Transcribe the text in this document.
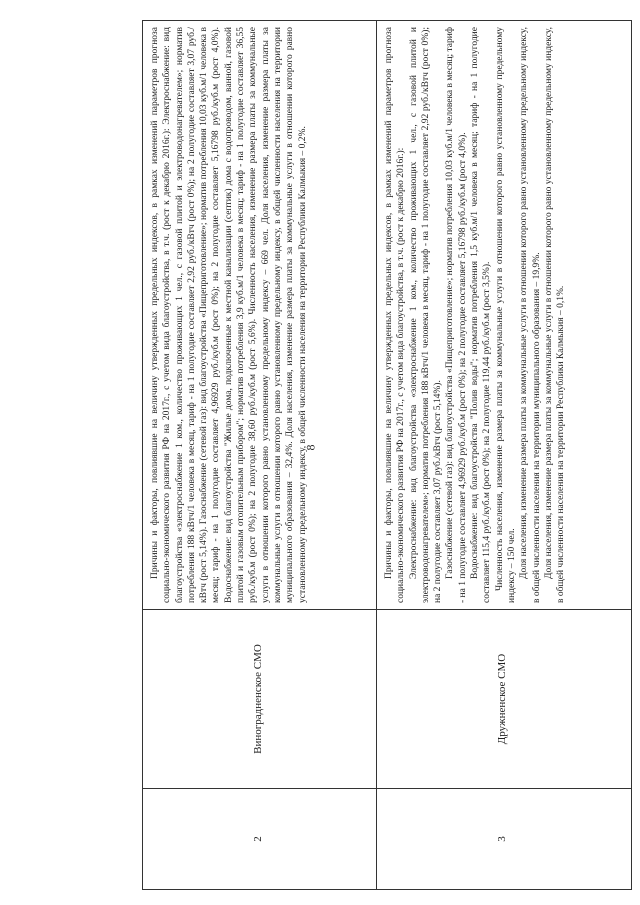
8
2
Виноградненское СМО

Причины и факторы, повлиявшие на величину утвержденных предельных индексов, в рамках изменений параметров прогноза социально-экономического развития РФ на 2017г., с учетом вида благоустройства, в т.ч. (рост к декабрю 2016г.): Электроснабжение: вид благоустройства «электроснабжение 1 ком., количество проживающих 1 чел., с газовой плитой и электроводонагревателем»; норматив потребления 188 кВтч/1 человека в месяц, тариф - на 1 полугодие составляет 2,92 руб./кВтч (рост 0%); на 2 полугодие составляет 3,07 руб./кВтч (рост 5,14%). Газоснабжение (сетевой газ): вид благоустройства «Пищеприготовление»; норматив потребления 10,03 куб.м/1 человека в месяц; тариф - на 1 полугодие составляет 4,96929 руб./куб.м (рост 0%); на 2 полугодие составляет 5,16798 руб./куб.м (рост 4,0%). Водоснабжение: вид благоустройства "Жилые дома, подключенные к местной канализации (септик) дома с водопроводом, ванной, газовой плитой и газовым отопительным прибором"; норматив потребления 3,9 куб.м/1 человека в месяц; тариф - на 1 полугодие составляет 36,55 руб./куб.м (рост 0%); на 2 полугодие 38,60 руб./куб.м (рост 5,6%). Численность населения, изменение размера платы за коммунальные услуги в отношении которого равно установленному предельному индексу – 669 чел. Доля населения, изменение размера платы за коммунальные услуги в отношении которого равно установленному предельному индексу, в общей численности населения на территории муниципального образования – 32,4%. Доля населения, изменение размера платы за коммунальные услуги в отношении которого равно установленному предельному индексу, в общей численности населения на территории Республики Калмыкия – 0,2%.

3
Дружненское СМО

Причины и факторы, повлиявшие на величину утвержденных предельных индексов, в рамках изменений параметров прогноза социально-экономического развития РФ на 2017г., с учетом вида благоустройства, в т.ч. (рост к декабрю 2016г.): Электроснабжение: вид благоустройства «электроснабжение 1 ком., количество проживающих 1 чел., с газовой плитой и электроводонагревателем»; норматив потребления 188 кВтч/1 человека в месяц, тариф - на 1 полугодие составляет 2,92 руб./кВтч (рост 0%); на 2 полугодие составляет 3,07 руб./кВтч (рост 5,14%). Газоснабжение (сетевой газ): вид благоустройства «Пищеприготовление»; норматив потребления 10,03 куб.м/1 человека в месяц; тариф - на 1 полугодие составляет 4,96929 руб./куб.м (рост 0%); на 2 полугодие составляет 5,16798 руб./куб.м (рост 4,0%). Водоснабжение: вид благоустройства "Полив воды"; норматив потребления 1,5 куб.м/1 человека в месяц; тариф - на 1 полугодие составляет 115,4 руб./куб.м (рост 0%); на 2 полугодие 119,44 руб./куб.м (рост 3,5%). Численность населения, изменение размера платы за коммунальные услуги в отношении которого равно установленному предельному индексу – 150 чел. Доля населения, изменение размера платы за коммунальные услуги в отношении которого равно установленному предельному индексу, в общей численности населения на территории муниципального образования – 19,9%. Доля населения, изменение размера платы за коммунальные услуги в отношении которого равно установленному предельному индексу, в общей численности населения на территории Республики Калмыкия – 0,1%.
